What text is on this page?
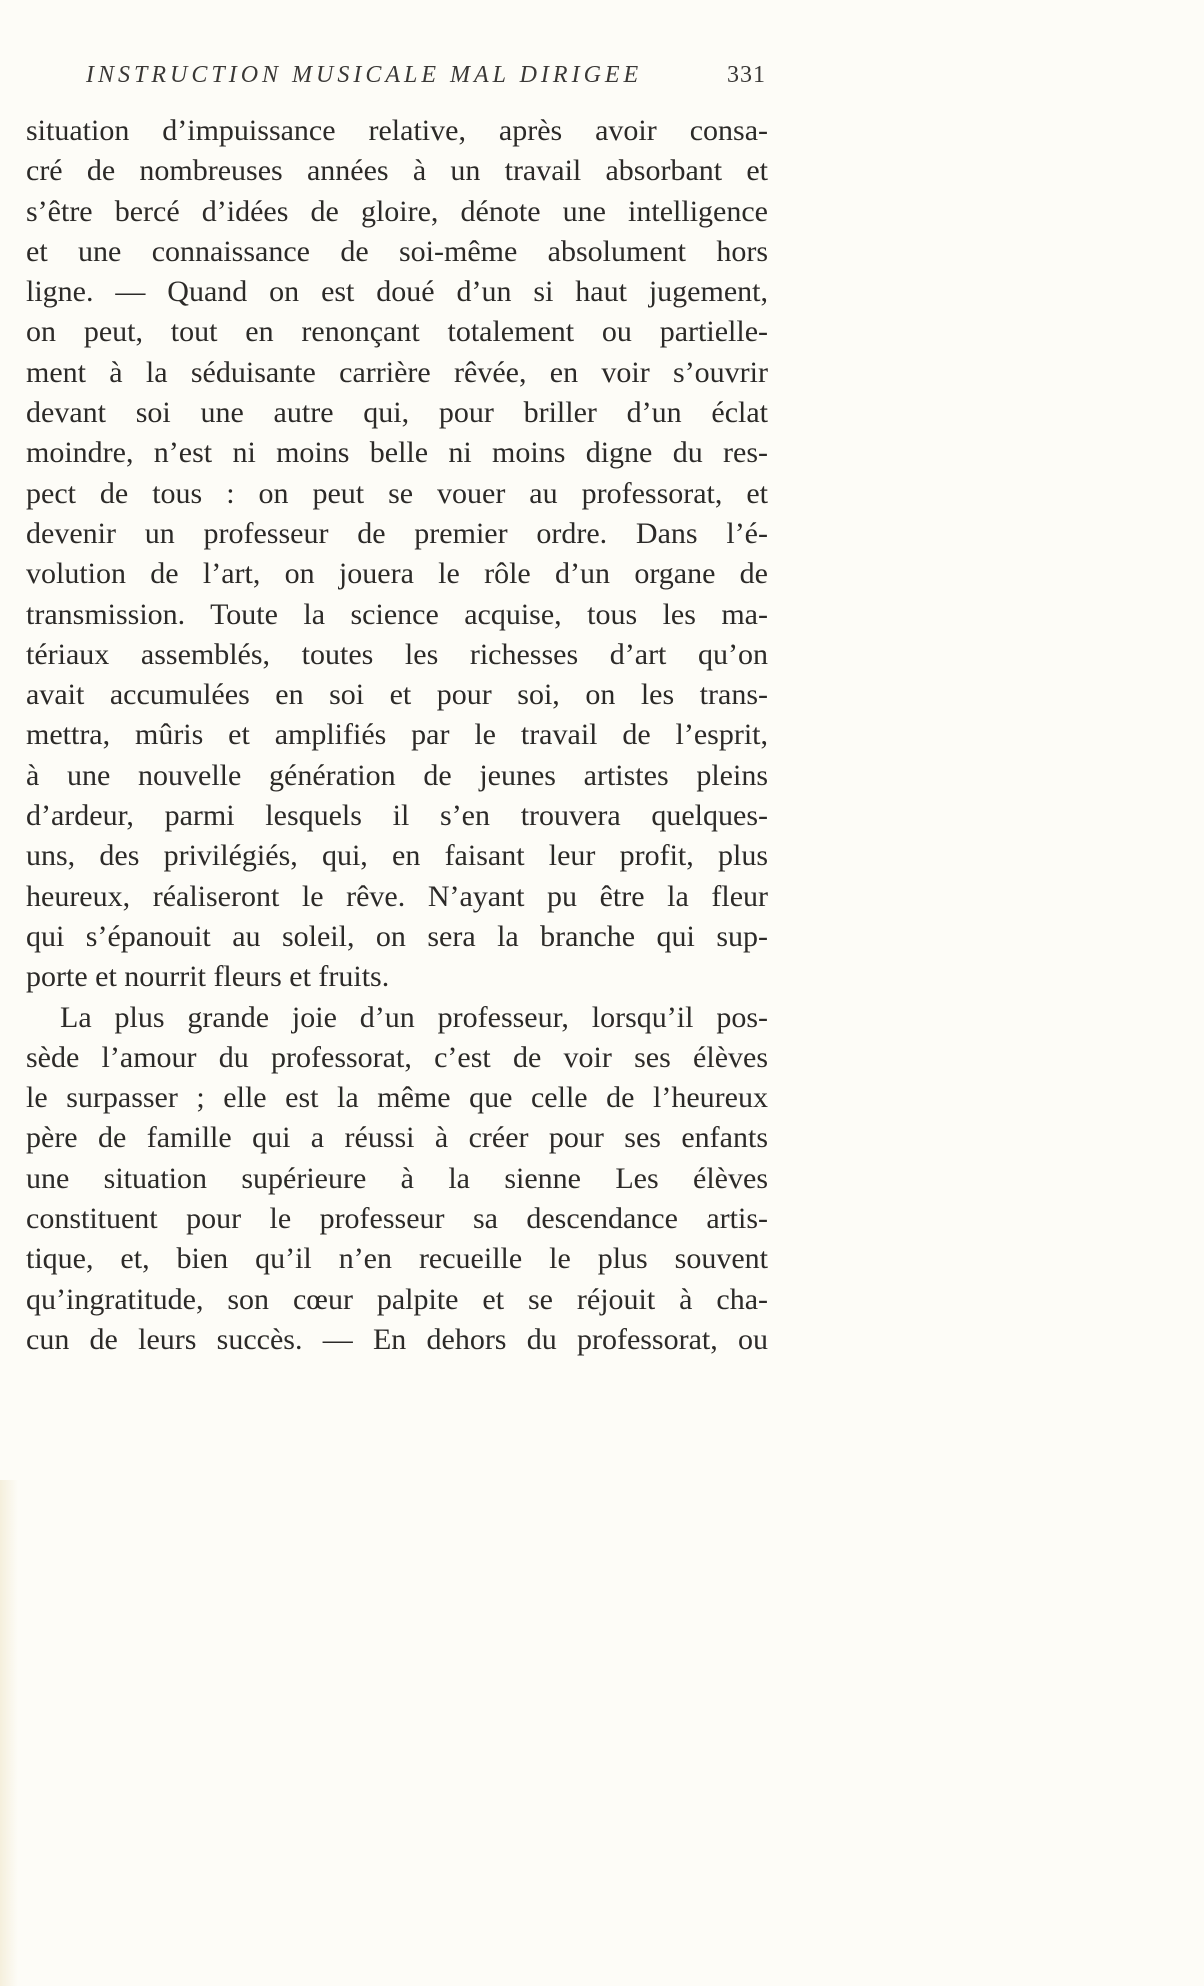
INSTRUCTION MUSICALE MAL DIRIGEE	331
situation d’impuissance relative, après avoir consa-
cré de nombreuses années à un travail absorbant et
s’être bercé d’idées de gloire, dénote une intelligence
et une connaissance de soi-même absolument hors
ligne. — Quand on est doué d’un si haut jugement,
on peut, tout en renonçant totalement ou partielle-
ment à la séduisante carrière rêvée, en voir s’ouvrir
devant soi une autre qui, pour briller d’un éclat
moindre, n’est ni moins belle ni moins digne du res-
pect de tous : on peut se vouer au professorat, et
devenir un professeur de premier ordre. Dans l’é-
volution de l’art, on jouera le rôle d’un organe de
transmission. Toute la science acquise, tous les ma-
tériaux assemblés, toutes les richesses d’art qu’on
avait accumulées en soi et pour soi, on les trans-
mettra, mûris et amplifiés par le travail de l’esprit,
à une nouvelle génération de jeunes artistes pleins
d’ardeur, parmi lesquels il s’en trouvera quelques-
uns, des privilégiés, qui, en faisant leur profit, plus
heureux, réaliseront le rêve. N’ayant pu être la fleur
qui s’épanouit au soleil, on sera la branche qui sup-
porte et nourrit fleurs et fruits.
La plus grande joie d’un professeur, lorsqu’il pos-
sède l’amour du professorat, c’est de voir ses élèves
le surpasser ; elle est la même que celle de l’heureux
père de famille qui a réussi à créer pour ses enfants
une situation supérieure à la sienne Les élèves
constituent pour le professeur sa descendance artis-
tique, et, bien qu’il n’en recueille le plus souvent
qu’ingratitude, son cœur palpite et se réjouit à cha-
cun de leurs succès. — En dehors du professorat, ou
